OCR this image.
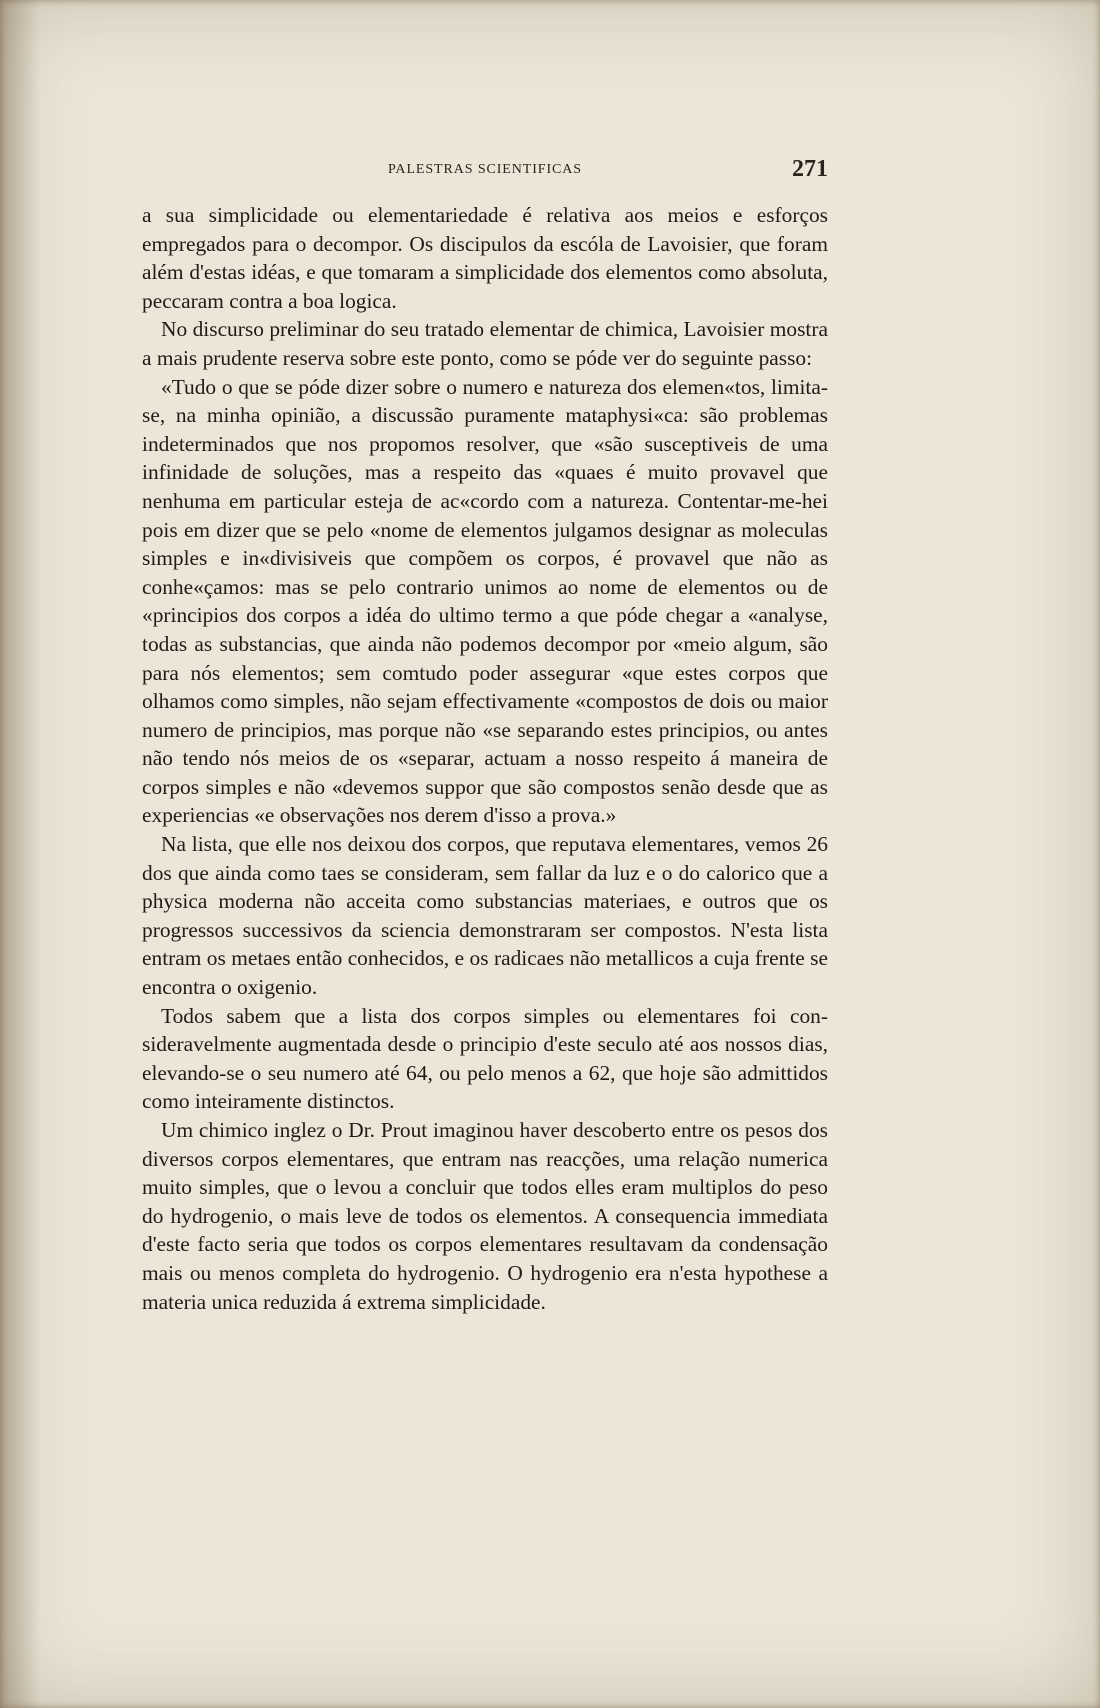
PALESTRAS SCIENTIFICAS	271

a sua simplicidade ou elementariedade é relativa aos meios e esforços empregados para o decompor. Os discipulos da escóla de Lavoisier, que foram além d'estas idéas, e que tomaram a simplicidade dos elementos como absoluta, peccaram contra a boa logica.

No discurso preliminar do seu tratado elementar de chimica, Lavoisier mostra a mais prudente reserva sobre este ponto, como se póde ver do seguinte passo:

«Tudo o que se póde dizer sobre o numero e natureza dos elemen«tos, limita-se, na minha opinião, a discussão puramente mataphysi«ca: são problemas indeterminados que nos propomos resolver, que «são susceptiveis de uma infinidade de soluções, mas a respeito das «quaes é muito provavel que nenhuma em particular esteja de ac«cordo com a natureza. Contentar-me-hei pois em dizer que se pelo «nome de elementos julgamos designar as moleculas simples e in«divisiveis que compõem os corpos, é provavel que não as conhe«çamos: mas se pelo contrario unimos ao nome de elementos ou de «principios dos corpos a idéa do ultimo termo a que póde chegar a «analyse, todas as substancias, que ainda não podemos decompor por «meio algum, são para nós elementos; sem comtudo poder assegurar «que estes corpos que olhamos como simples, não sejam effectivamente «compostos de dois ou maior numero de principios, mas porque não «se separando estes principios, ou antes não tendo nós meios de os «separar, actuam a nosso respeito á maneira de corpos simples e não «devemos suppor que são compostos senão desde que as experiencias «e observações nos derem d'isso a prova.»

Na lista, que elle nos deixou dos corpos, que reputava elementares, vemos 26 dos que ainda como taes se consideram, sem fallar da luz e o do calorico que a physica moderna não acceita como substancias materiaes, e outros que os progressos successivos da sciencia demonstraram ser compostos. N'esta lista entram os metaes então conhecidos, e os radicaes não metallicos a cuja frente se encontra o oxigenio.

Todos sabem que a lista dos corpos simples ou elementares foi consideravelmente augmentada desde o principio d'este seculo até aos nossos dias, elevando-se o seu numero até 64, ou pelo menos a 62, que hoje são admittidos como inteiramente distinctos.

Um chimico inglez o Dr. Prout imaginou haver descoberto entre os pesos dos diversos corpos elementares, que entram nas reacções, uma relação numerica muito simples, que o levou a concluir que todos elles eram multiplos do peso do hydrogenio, o mais leve de todos os elementos. A consequencia immediata d'este facto seria que todos os corpos elementares resultavam da condensação mais ou menos completa do hydrogenio. O hydrogenio era n'esta hypothese a materia unica reduzida á extrema simplicidade.
